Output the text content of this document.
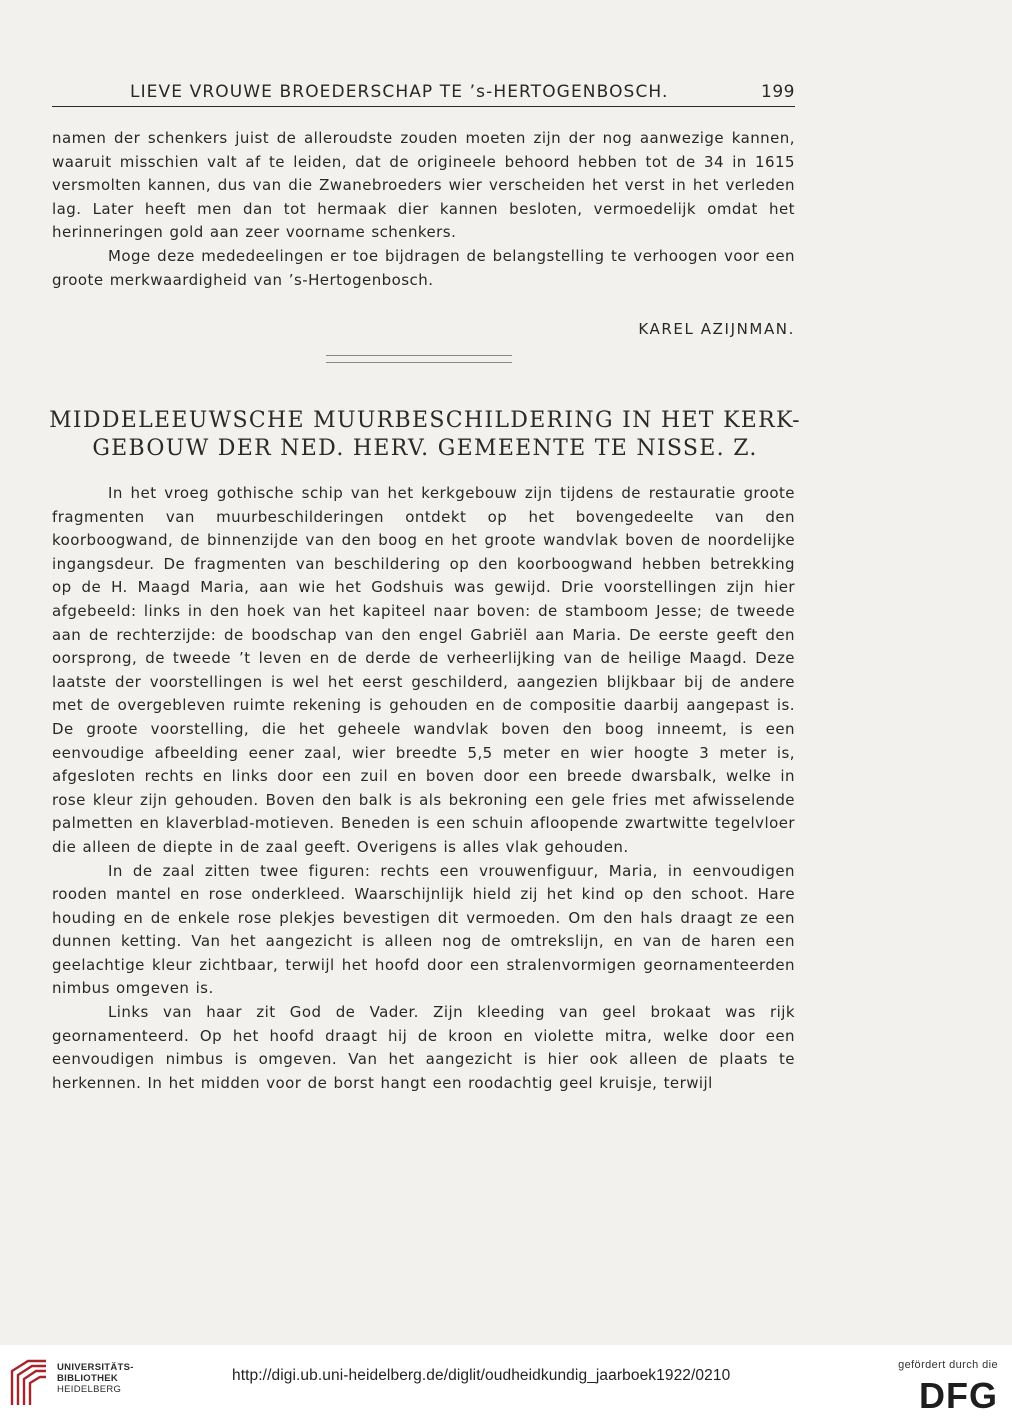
LIEVE VROUWE BROEDERSCHAP TE ’s-HERTOGENBOSCH.	199

namen der schenkers juist de alleroudste zouden moeten zijn der nog aanwezige kannen, waaruit misschien valt af te leiden, dat de origineele behoord hebben tot de 34 in 1615 versmolten kannen, dus van die Zwanebroeders wier verscheiden het verst in het verleden lag. Later heeft men dan tot hermaak dier kannen besloten, vermoedelijk omdat het herinneringen gold aan zeer voorname schenkers.

Moge deze mededeelingen er toe bijdragen de belangstelling te verhoogen voor een groote merkwaardigheid van ’s-Hertogenbosch.

KAREL AZIJNMAN.
MIDDELEEUWSCHE MUURBESCHILDERING IN HET KERK-
GEBOUW DER NED. HERV. GEMEENTE TE NISSE. Z.

In het vroeg gothische schip van het kerkgebouw zijn tijdens de restauratie groote fragmenten van muurbeschilderingen ontdekt op het bovengedeelte van den koorboogwand, de binnenzijde van den boog en het groote wandvlak boven de noordelijke ingangsdeur. De fragmenten van beschildering op den koorboogwand hebben betrekking op de H. Maagd Maria, aan wie het Godshuis was gewijd. Drie voorstellingen zijn hier afgebeeld: links in den hoek van het kapiteel naar boven: de stamboom Jesse; de tweede aan de rechterzijde: de boodschap van den engel Gabriël aan Maria. De eerste geeft den oorsprong, de tweede ’t leven en de derde de verheerlijking van de heilige Maagd. Deze laatste der voorstellingen is wel het eerst geschilderd, aangezien blijkbaar bij de andere met de overgebleven ruimte rekening is gehouden en de compositie daarbij aangepast is. De groote voorstelling, die het geheele wandvlak boven den boog inneemt, is een eenvoudige afbeelding eener zaal, wier breedte 5,5 meter en wier hoogte 3 meter is, afgesloten rechts en links door een zuil en boven door een breede dwarsbalk, welke in rose kleur zijn gehouden. Boven den balk is als bekroning een gele fries met afwisselende palmetten en klaverblad-motieven. Beneden is een schuin afloopende zwartwitte tegelvloer die alleen de diepte in de zaal geeft. Overigens is alles vlak gehouden.

In de zaal zitten twee figuren: rechts een vrouwenfiguur, Maria, in eenvoudigen rooden mantel en rose onderkleed. Waarschijnlijk hield zij het kind op den schoot. Hare houding en de enkele rose plekjes bevestigen dit vermoeden. Om den hals draagt ze een dunnen ketting. Van het aangezicht is alleen nog de omtrekslijn, en van de haren een geelachtige kleur zichtbaar, terwijl het hoofd door een stralenvormigen geornamenteerden nimbus omgeven is.

Links van haar zit God de Vader. Zijn kleeding van geel brokaat was rijk geornamenteerd. Op het hoofd draagt hij de kroon en violette mitra, welke door een eenvoudigen nimbus is omgeven. Van het aangezicht is hier ook alleen de plaats te herkennen. In het midden voor de borst hangt een roodachtig geel kruisje, terwijl

UNIVERSITÄTS-
BIBLIOTHEK
HEIDELBERG
http://digi.ub.uni-heidelberg.de/diglit/oudheidkundig_jaarboek1922/0210
gefördert durch die
DFG
